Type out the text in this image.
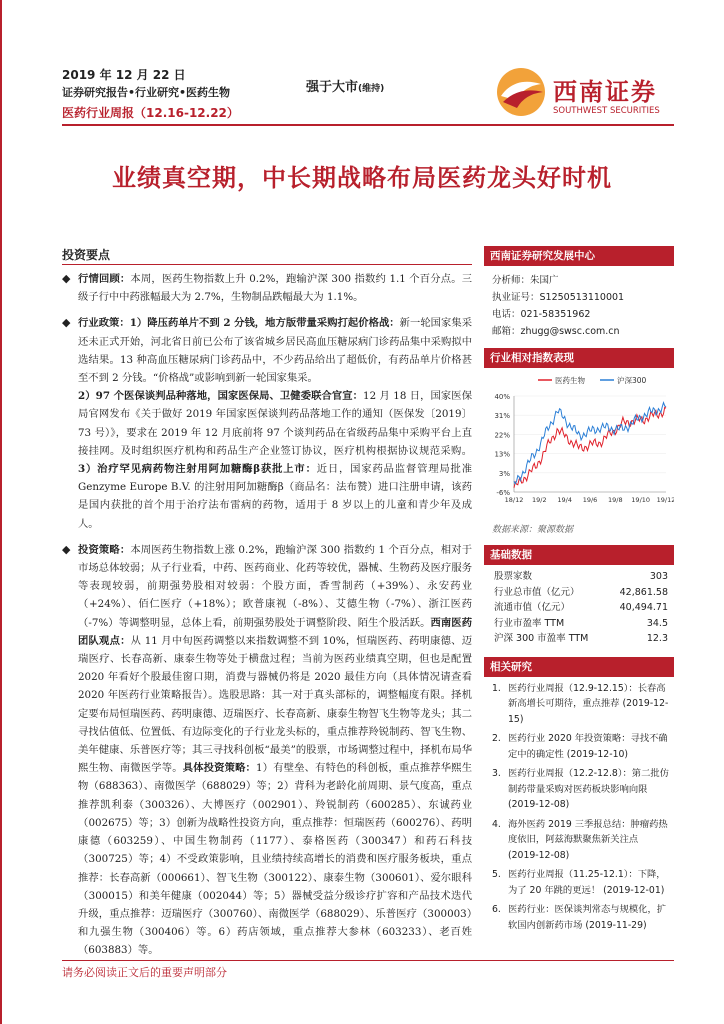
2019 年 12 月 22 日
证券研究报告•行业研究•医药生物
医药行业周报（12.16-12.22）
强于大市(维持)	西南证券
SOUTHWEST SECURITIES
业绩真空期，中长期战略布局医药龙头好时机
投资要点
◆ 行情回顾：本周，医药生物指数上升 0.2%，跑输沪深 300 指数约 1.1 个百分点。三级子行中中药涨幅最大为 2.7%，生物制品跌幅最大为 1.1%。
◆ 行业政策：1）降压药单片不到 2 分钱，地方版带量采购打起价格战：新一轮国家集采还未正式开始，河北省日前已公布了该省城乡居民高血压糖尿病门诊药品集中采购拟中选结果。13 种高血压糖尿病门诊药品中，不少药品给出了超低价，有药品单片价格甚至不到 2 分钱。“价格战”或影响到新一轮国家集采。
2）97 个医保谈判品种落地，国家医保局、卫健委联合官宣：12 月 18 日，国家医保局官网发布《关于做好 2019 年国家医保谈判药品落地工作的通知（医保发〔2019〕73 号）》，要求在 2019 年 12 月底前将 97 个谈判药品在省级药品集中采购平台上直接挂网。及时组织医疗机构和药品生产企业签订协议，医疗机构根据协议规范采购。 3）治疗罕见病药物注射用阿加糖酶β获批上市：近日，国家药品监督管理局批准 Genzyme Europe B.V. 的注射用阿加糖酶β（商品名：法布赞）进口注册申请，该药是国内获批的首个用于治疗法布雷病的药物，适用于 8 岁以上的儿童和青少年及成人。
◆ 投资策略：本周医药生物指数上涨 0.2%，跑输沪深 300 指数约 1 个百分点，相对于市场总体较弱；从子行业看，中药、医药商业、化药等较优，器械、生物药及医疗服务等表现较弱，前期强势股相对较弱：个股方面，香雪制药（+39%）、永安药业（+24%）、佰仁医疗（+18%）；欧普康视（-8%）、艾德生物（-7%）、浙江医药（-7%）等调整明显，总体上看，前期强势股处于调整阶段、陌生个股活跃。西南医药团队观点：从 11 月中旬医药调整以来指数调整不到 10%，恒瑞医药、药明康德、迈瑞医疗、长春高新、康泰生物等处于横盘过程；当前为医药业绩真空期，但也是配置 2020 年看好个股最佳窗口期，消费与器械仍将是 2020 最佳方向（具体情况请查看 2020 年医药行业策略报告）。选股思路：其一对于真头部标的，调整幅度有限。择机定要布局恒瑞医药、药明康德、迈瑞医疗、长春高新、康泰生物智飞生物等龙头；其二寻找估值低、位置低、有边际变化的子行业龙头标的，重点推荐羚锐制药、智飞生物、美年健康、乐普医疗等；其三寻找科创板“最美”的股票，市场调整过程中，择机布局华熙生物、南微医学等。具体投资策略：1）有壁垒、有特色的科创板，重点推荐华熙生物（688363）、南微医学（688029）等；2）背科为老龄化前周期、景气度高，重点推荐凯利泰（300326）、大博医疗（002901）、羚锐制药（600285）、东诚药业（002675）等；3）创新为战略性投资方向，重点推荐：恒瑞医药（600276）、药明康德（603259）、中国生物制药（1177）、泰格医药（300347）和药石科技（300725）等；4）不受政策影响，且业绩持续高增长的消费和医疗服务板块，重点推荐：长春高新（000661）、智飞生物（300122）、康泰生物（300601）、爱尔眼科（300015）和美年健康（002044）等；5）器械受益分级诊疗扩容和产品技术迭代升级，重点推荐：迈瑞医疗（300760）、南微医学（688029）、乐普医疗（300003）和九强生物（300406）等。6）药店领域，重点推荐大参林（603233）、老百姓（603883）等。
西南证券研究发展中心
分析师：朱国广
执业证号：S1250513110001
电话：021-58351962
邮箱：zhugg@swsc.com.cn
行业相对指数表现
40%
31%
22%
13%
3%
-6%
18/12 19/2 19/4 19/6 19/8 19/10 19/12
医药生物	沪深300
数据来源：聚源数据
基础数据
股票家数	303
行业总市值（亿元）	42,861.58
流通市值（亿元）	40,494.71
行业市盈率 TTM	34.5
沪深 300 市盈率 TTM	12.3
相关研究
1. 医药行业周报（12.9-12.15）：长春高新高增长可期待，重点推荐 (2019-12-15)
2. 医药行业 2020 年投资策略：寻找不确定中的确定性 (2019-12-10)
3. 医药行业周报（12.2-12.8）：第二批仿制药带量采购对医药板块影响向限 (2019-12-08)
4. 海外医药 2019 三季报总结：肿瘤药热度依旧，阿兹海默聚焦新关注点 (2019-12-08)
5. 医药行业周报（11.25-12.1）：下降，为了 20 年跳的更远！ (2019-12-01)
6. 医药行业：医保谈判常态与规模化，扩软国内创新药市场 (2019-11-29)
请务必阅读正文后的重要声明部分
